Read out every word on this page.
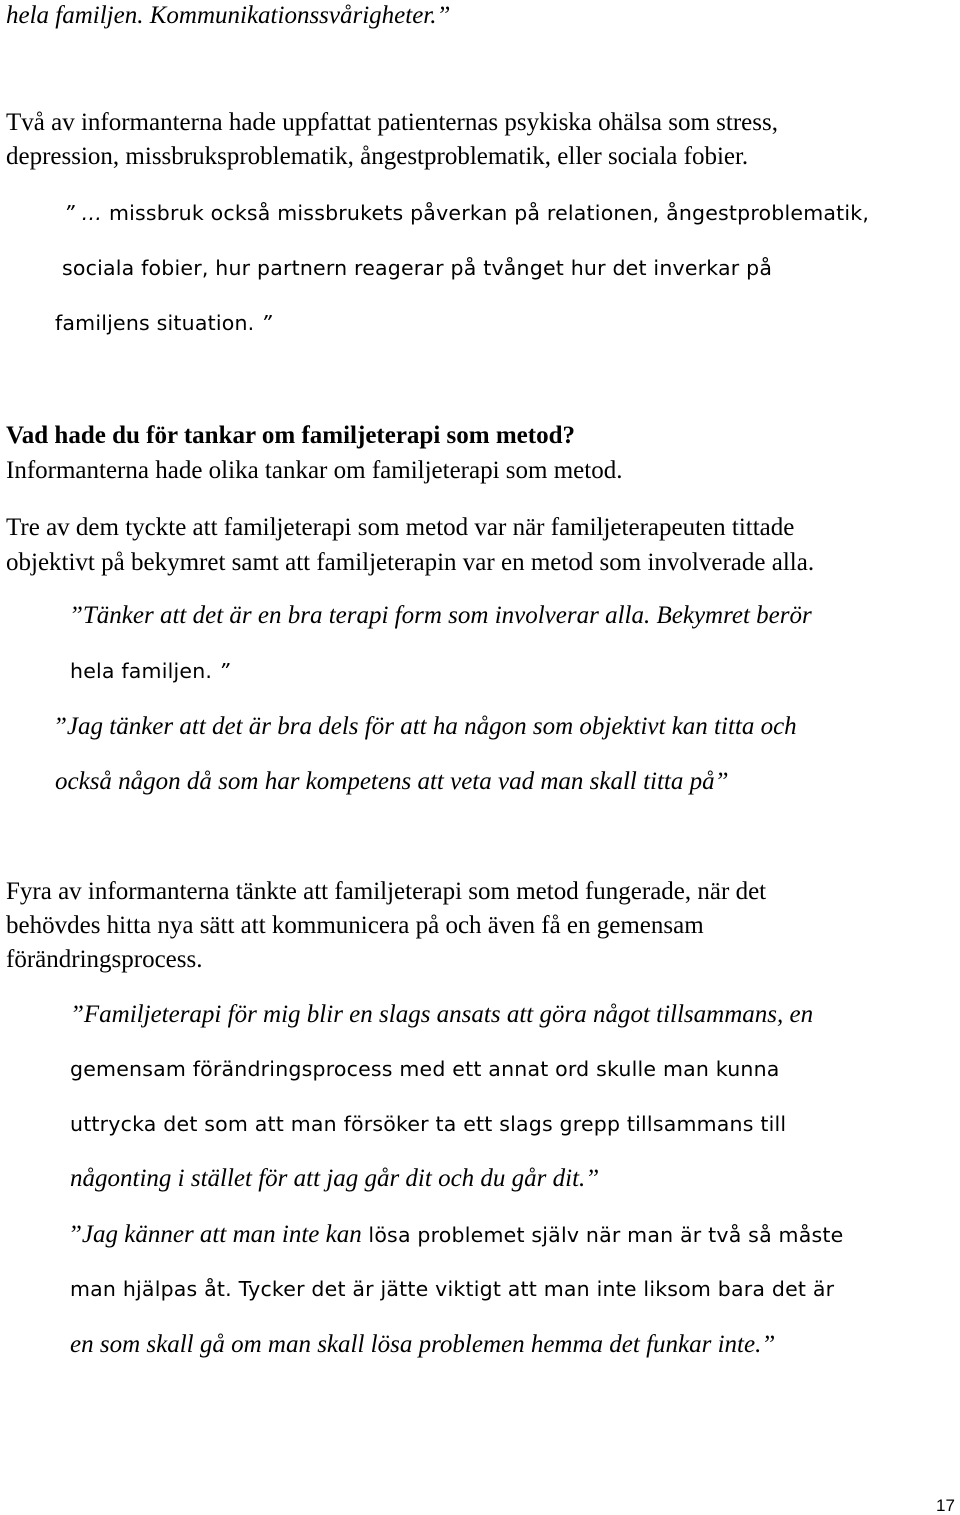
hela familjen. Kommunikationssvårigheter.”
Två av informanterna hade uppfattat patienternas psykiska ohälsa som stress,
depression, missbruksproblematik, ångestproblematik, eller sociala fobier.
” … missbruk också missbrukets påverkan på relationen, ångestproblematik,
sociala fobier, hur partnern reagerar på tvånget hur det inverkar på
familjens situation. ”
Vad hade du för tankar om familjeterapi som metod?
Informanterna hade olika tankar om familjeterapi som metod.
Tre av dem tyckte att familjeterapi som metod var när familjeterapeuten tittade
objektivt på bekymret samt att familjeterapin var en metod som involverade alla.
”Tänker att det är en bra terapi form som involverar alla. Bekymret berör
hela familjen. ”
”Jag tänker att det är bra dels för att ha någon som objektivt kan titta och
också någon då som har kompetens att veta vad man skall titta på”
Fyra av informanterna tänkte att familjeterapi som metod fungerade, när det
behövdes hitta nya sätt att kommunicera på och även få en gemensam
förändringsprocess.
”Familjeterapi för mig blir en slags ansats att göra något tillsammans, en
gemensam förändringsprocess med ett annat ord skulle man kunna
uttrycka det som att man försöker ta ett slags grepp tillsammans till
någonting i stället för att jag går dit och du går dit.”
”Jag känner att man inte kan lösa problemet själv när man är två så måste
man hjälpas åt. Tycker det är jätte viktigt att man inte liksom bara det är
en som skall gå om man skall lösa problemen hemma det funkar inte.”
17
